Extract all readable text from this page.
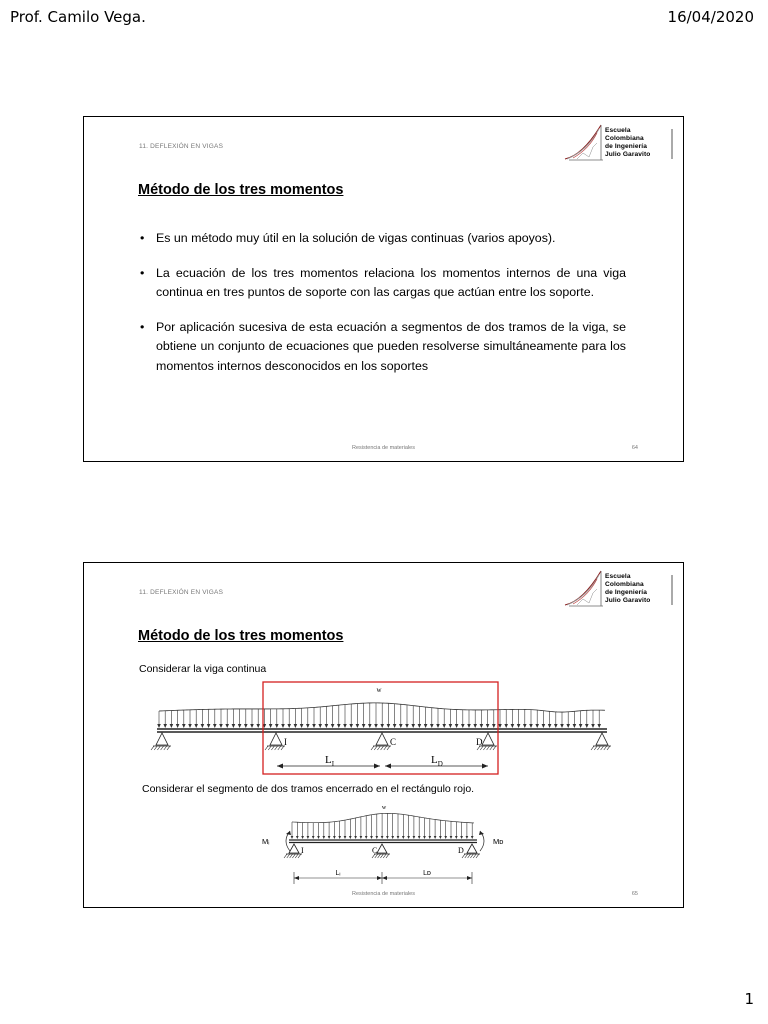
Prof. Camilo Vega.	16/04/2020
11. DEFLEXIÓN EN VIGAS
Escuela
Colombiana
de Ingeniería
Julio Garavito
Método de los tres momentos
• Es un método muy útil en la solución de vigas continuas (varios apoyos).
• La ecuación de los tres momentos relaciona los momentos internos de una viga continua en tres puntos de soporte con las cargas que actúan entre los soporte.
• Por aplicación sucesiva de esta ecuación a segmentos de dos tramos de la viga, se obtiene un conjunto de ecuaciones que pueden resolverse simultáneamente para los momentos internos desconocidos en los soportes
Resistencia de materiales	64
11. DEFLEXIÓN EN VIGAS
Escuela
Colombiana
de Ingeniería
Julio Garavito
Método de los tres momentos
Considerar la viga continua
w
I	C	D
$L_I$	$L_D$
Considerar el segmento de dos tramos encerrado en el rectángulo rojo.
w
Mᵢ	Mᴅ
I	C	D
Lᵢ	Lᴅ
Resistencia de materiales	65
1
